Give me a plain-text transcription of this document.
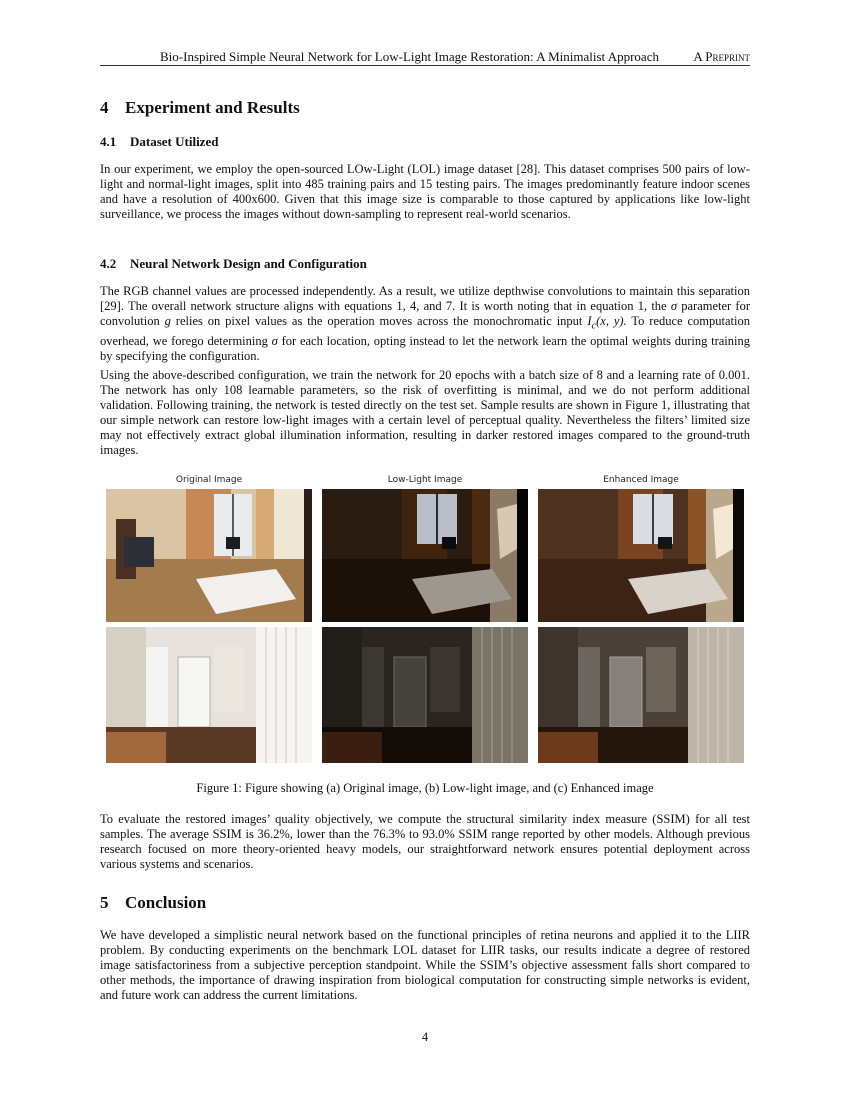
Bio-Inspired Simple Neural Network for Low-Light Image Restoration: A Minimalist Approach	A Preprint
4 Experiment and Results
4.1 Dataset Utilized

In our experiment, we employ the open-sourced LOw-Light (LOL) image dataset [28]. This dataset comprises 500 pairs of low-light and normal-light images, split into 485 training pairs and 15 testing pairs. The images predominantly feature indoor scenes and have a resolution of 400x600. Given that this image size is comparable to those captured by applications like low-light surveillance, we process the images without down-sampling to represent real-world scenarios.

4.2 Neural Network Design and Configuration

The RGB channel values are processed independently. As a result, we utilize depthwise convolutions to maintain this separation [29]. The overall network structure aligns with equations 1, 4, and 7. It is worth noting that in equation 1, the σ parameter for convolution g relies on pixel values as the operation moves across the monochromatic input $I_c(x$, y). To reduce computation overhead, we forego determining σ for each location, opting instead to let the network learn the optimal weights during training by specifying the configuration.

Using the above-described configuration, we train the network for 20 epochs with a batch size of 8 and a learning rate of 0.001. The network has only 108 learnable parameters, so the risk of overfitting is minimal, and we do not perform additional validation. Following training, the network is tested directly on the test set. Sample results are shown in Figure 1, illustrating that our simple network can restore low-light images with a certain level of perceptual quality. Nevertheless the filters’ limited size may not effectively extract global illumination information, resulting in darker restored images compared to the ground-truth images.

Original Image	Low-Light Image	Enhanced Image
Figure 1: Figure showing (a) Original image, (b) Low-light image, and (c) Enhanced image

To evaluate the restored images’ quality objectively, we compute the structural similarity index measure (SSIM) for all test samples. The average SSIM is 36.2%, lower than the 76.3% to 93.0% SSIM range reported by other models. Although previous research focused on more theory-oriented heavy models, our straightforward network ensures potential deployment across various systems and scenarios.

5 Conclusion

We have developed a simplistic neural network based on the functional principles of retina neurons and applied it to the LIIR problem. By conducting experiments on the benchmark LOL dataset for LIIR tasks, our results indicate a degree of restored image satisfactoriness from a subjective perception standpoint. While the SSIM’s objective assessment falls short compared to other methods, the importance of drawing inspiration from biological computation for constructing simple networks is evident, and future work can address the current limitations.

4
